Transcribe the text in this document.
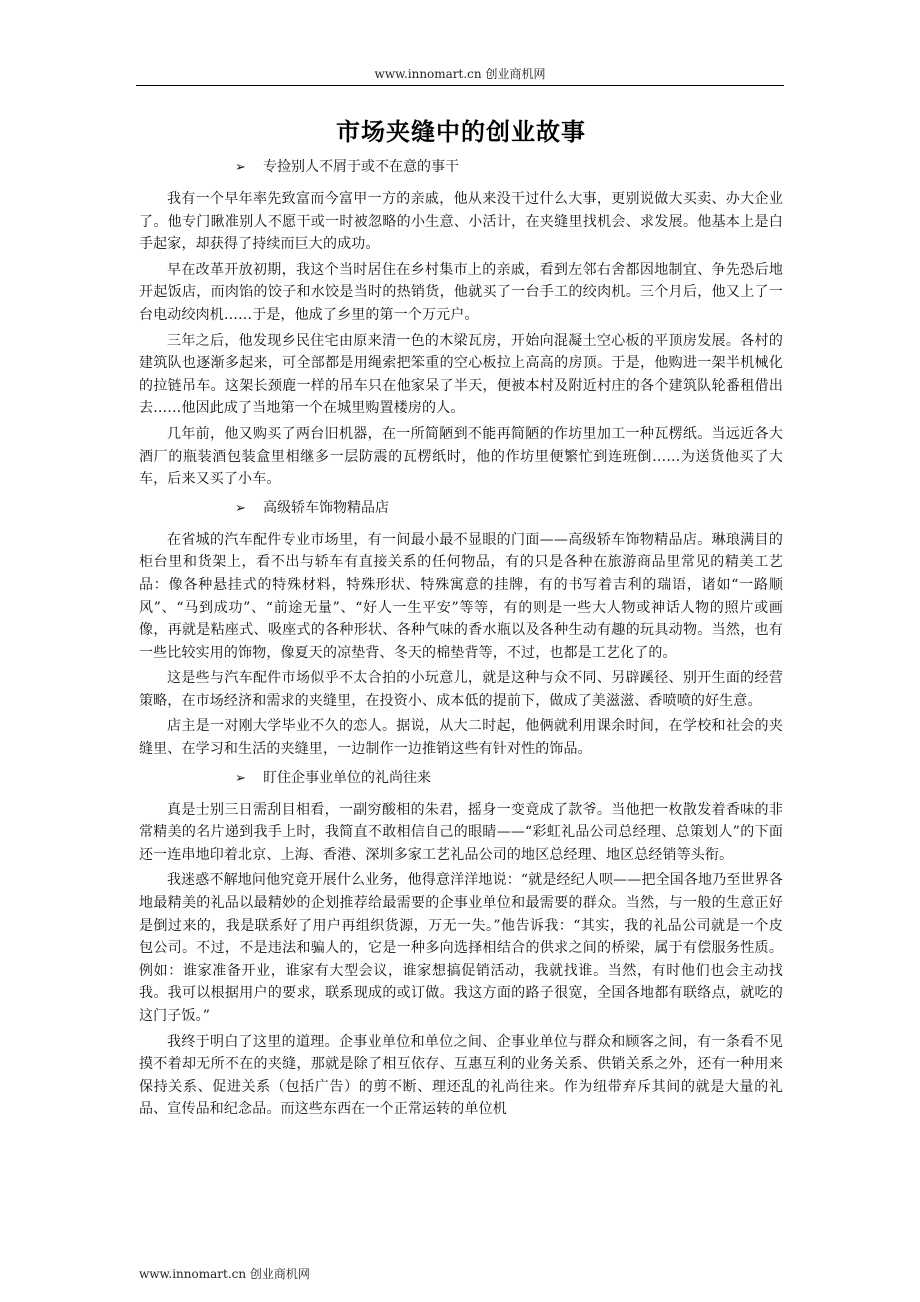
www.innomart.cn 创业商机网
市场夹缝中的创业故事
➢ 专捡别人不屑于或不在意的事干

我有一个早年率先致富而今富甲一方的亲戚，他从来没干过什么大事，更别说做大买卖、办大企业了。他专门瞅准别人不愿干或一时被忽略的小生意、小活计，在夹缝里找机会、求发展。他基本上是白手起家，却获得了持续而巨大的成功。

早在改革开放初期，我这个当时居住在乡村集市上的亲戚，看到左邻右舍都因地制宜、争先恐后地开起饭店，而肉馅的饺子和水饺是当时的热销货，他就买了一台手工的绞肉机。三个月后，他又上了一台电动绞肉机……于是，他成了乡里的第一个万元户。

三年之后，他发现乡民住宅由原来清一色的木梁瓦房，开始向混凝土空心板的平顶房发展。各村的建筑队也逐渐多起来，可全部都是用绳索把笨重的空心板拉上高高的房顶。于是，他购进一架半机械化的拉链吊车。这架长颈鹿一样的吊车只在他家呆了半天，便被本村及附近村庄的各个建筑队轮番租借出去……他因此成了当地第一个在城里购置楼房的人。

几年前，他又购买了两台旧机器，在一所简陋到不能再简陋的作坊里加工一种瓦楞纸。当远近各大酒厂的瓶装酒包装盒里相继多一层防震的瓦楞纸时，他的作坊里便繁忙到连班倒……为送货他买了大车，后来又买了小车。

➢ 高级轿车饰物精品店

在省城的汽车配件专业市场里，有一间最小最不显眼的门面——高级轿车饰物精品店。琳琅满目的柜台里和货架上，看不出与轿车有直接关系的任何物品，有的只是各种在旅游商品里常见的精美工艺品：像各种悬挂式的特殊材料，特殊形状、特殊寓意的挂牌，有的书写着吉利的瑞语，诸如“一路顺风”、“马到成功”、“前途无量”、“好人一生平安”等等，有的则是一些大人物或神话人物的照片或画像，再就是粘座式、吸座式的各种形状、各种气味的香水瓶以及各种生动有趣的玩具动物。当然，也有一些比较实用的饰物，像夏天的凉垫背、冬天的棉垫背等，不过，也都是工艺化了的。

这是些与汽车配件市场似乎不太合拍的小玩意儿，就是这种与众不同、另辟蹊径、别开生面的经营策略，在市场经济和需求的夹缝里，在投资小、成本低的提前下，做成了美滋滋、香喷喷的好生意。

店主是一对刚大学毕业不久的恋人。据说，从大二时起，他俩就利用课余时间，在学校和社会的夹缝里、在学习和生活的夹缝里，一边制作一边推销这些有针对性的饰品。

➢ 盯住企事业单位的礼尚往来

真是士别三日需刮目相看，一副穷酸相的朱君，摇身一变竟成了款爷。当他把一枚散发着香味的非常精美的名片递到我手上时，我简直不敢相信自己的眼睛——“彩虹礼品公司总经理、总策划人”的下面还一连串地印着北京、上海、香港、深圳多家工艺礼品公司的地区总经理、地区总经销等头衔。

我迷惑不解地问他究竟开展什么业务，他得意洋洋地说：“就是经纪人呗——把全国各地乃至世界各地最精美的礼品以最精妙的企划推荐给最需要的企事业单位和最需要的群众。当然，与一般的生意正好是倒过来的，我是联系好了用户再组织货源，万无一失。”他告诉我：“其实，我的礼品公司就是一个皮包公司。不过，不是违法和骗人的，它是一种多向选择相结合的供求之间的桥梁，属于有偿服务性质。例如：谁家准备开业，谁家有大型会议，谁家想搞促销活动，我就找谁。当然，有时他们也会主动找我。我可以根据用户的要求，联系现成的或订做。我这方面的路子很宽，全国各地都有联络点，就吃的这门子饭。”

我终于明白了这里的道理。企事业单位和单位之间、企事业单位与群众和顾客之间，有一条看不见摸不着却无所不在的夹缝，那就是除了相互依存、互惠互利的业务关系、供销关系之外，还有一种用来保持关系、促进关系（包括广告）的剪不断、理还乱的礼尚往来。作为纽带弃斥其间的就是大量的礼品、宣传品和纪念品。而这些东西在一个正常运转的单位机

www.innomart.cn 创业商机网
